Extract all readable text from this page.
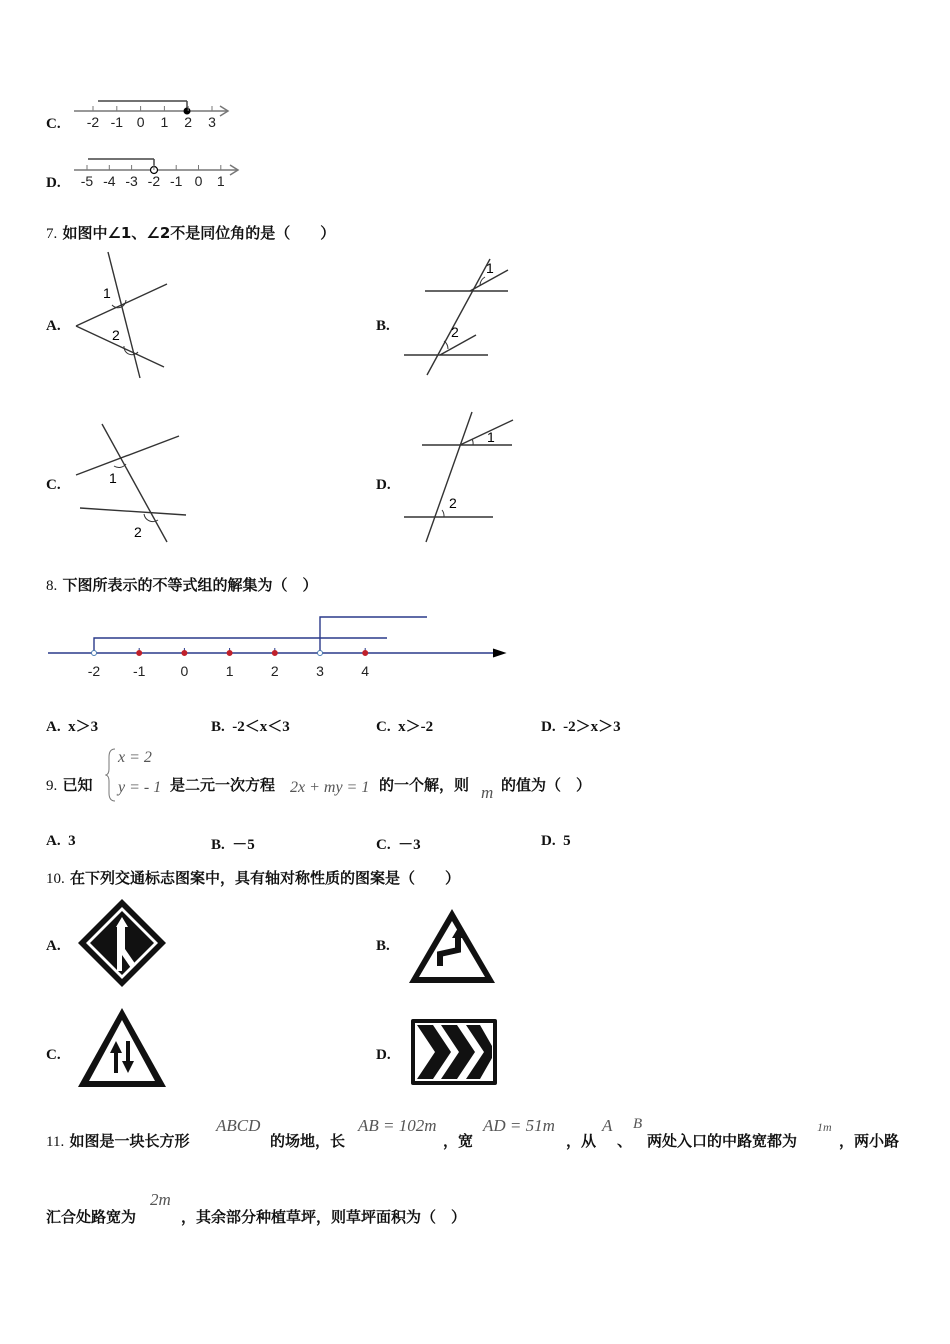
C. -2 -1 0 1 2 3
D. -5 -4 -3 -2 -1 0 1
7. 如图中∠1、∠2不是同位角的是（　　）
A.
1
2
B.
1
2
C.	1
2
D.
1
2
8. 下图所表示的不等式组的解集为（　）
-2 -1	0	1	2	3	4
A. x＞3	B. -2＜x＜3	C. x＞-2	D. -2＞x＞3
9. 已知
x = 2
y = - 1 是二元一次方程 2x + my = 1 的一个解，则 m 的值为（　）
A. 3	B. －5	C. －3	D. 5
10. 在下列交通标志图案中，具有轴对称性质的图案是（　　）
A.	B.
C.	D.
11. 如图是一块长方形
ABCD
的场地，长
AB = 102m
，宽
AD = 51m
，从
A
、
B
两处入口的中路宽都为
1m
，两小路
汇合处路宽为
2m
，其余部分种植草坪，则草坪面积为（　）
